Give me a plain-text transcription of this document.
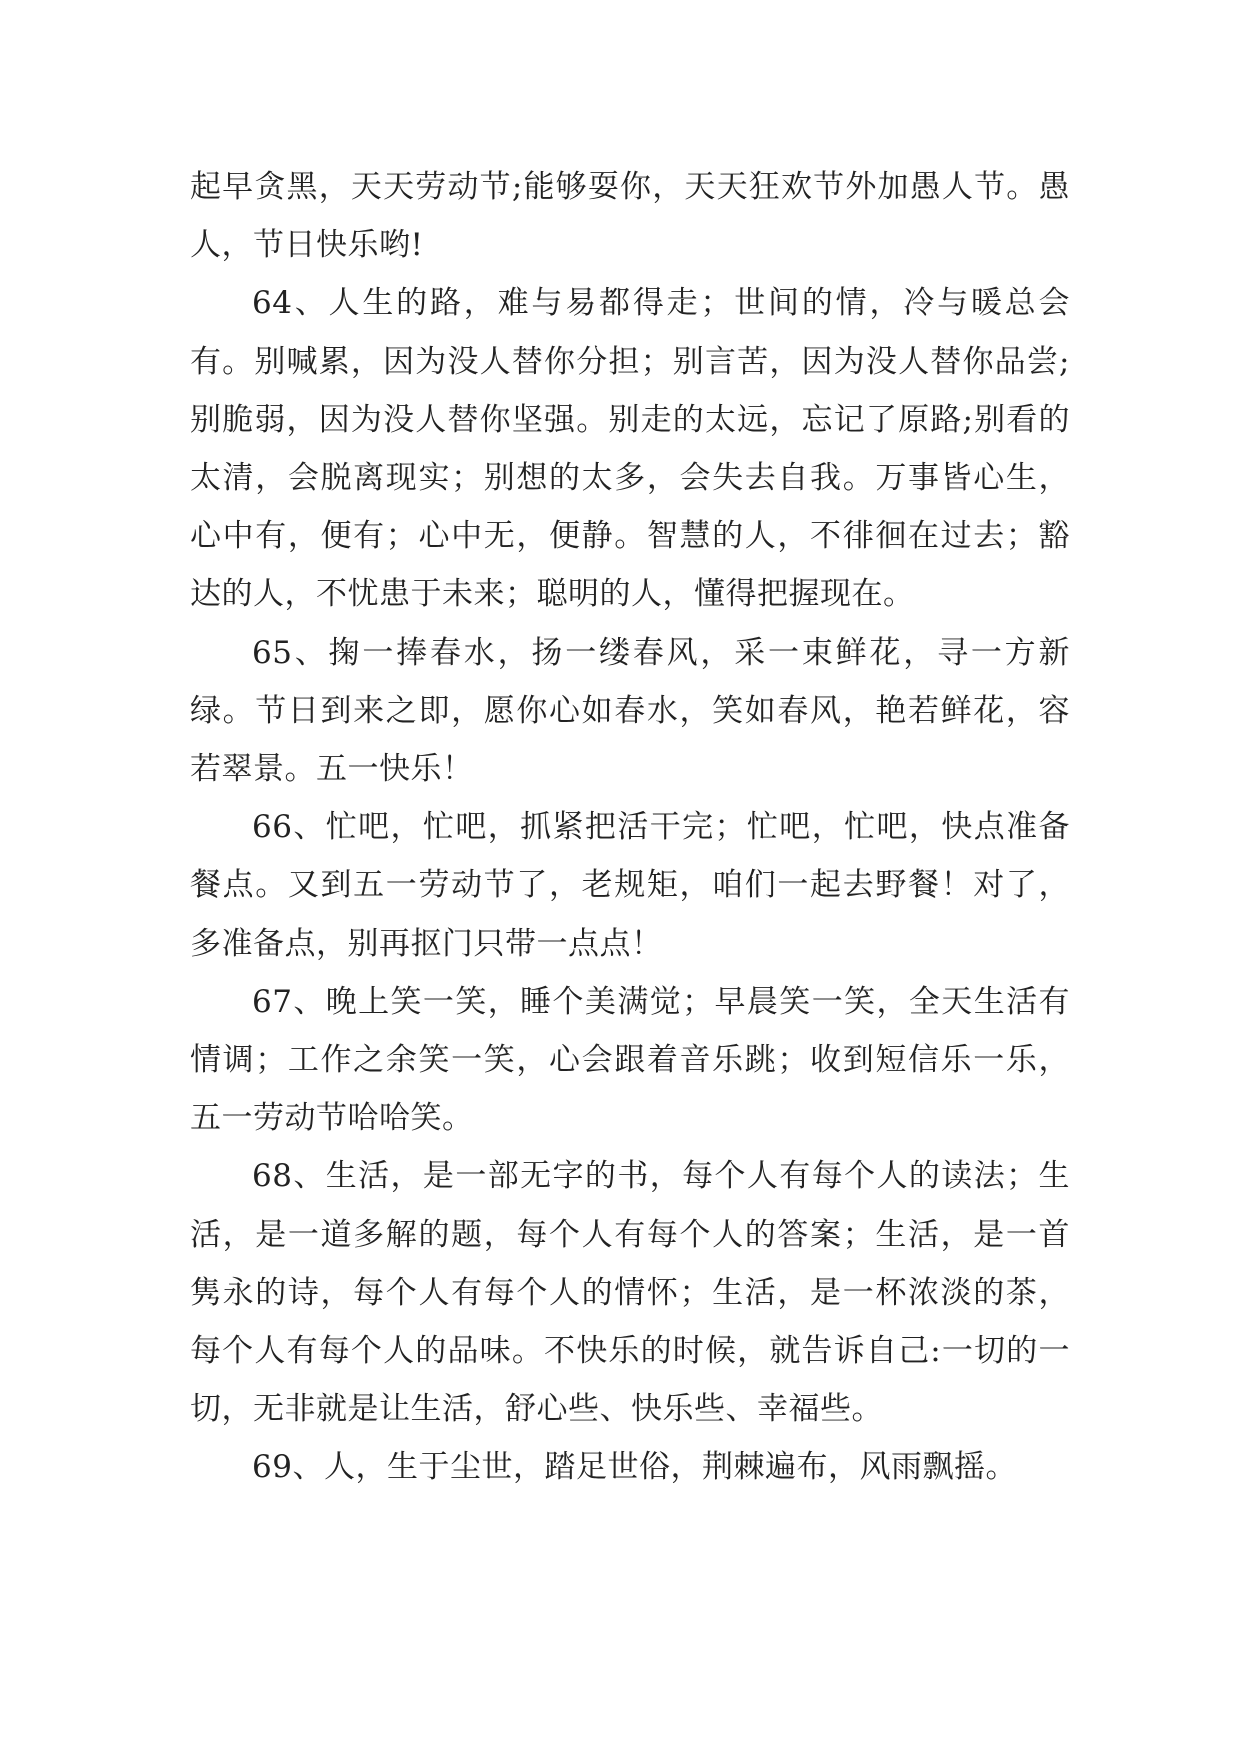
起早贪黑，天天劳动节;能够耍你，天天狂欢节外加愚人节。愚人，节日快乐哟!

64、人生的路，难与易都得走；世间的情，冷与暖总会有。别喊累，因为没人替你分担；别言苦，因为没人替你品尝;别脆弱，因为没人替你坚强。别走的太远，忘记了原路;别看的太清，会脱离现实；别想的太多，会失去自我。万事皆心生，心中有，便有；心中无，便静。智慧的人，不徘徊在过去；豁达的人，不忧患于未来；聪明的人，懂得把握现在。

65、掬一捧春水，扬一缕春风，采一束鲜花，寻一方新绿。节日到来之即，愿你心如春水，笑如春风，艳若鲜花，容若翠景。五一快乐！

66、忙吧，忙吧，抓紧把活干完；忙吧，忙吧，快点准备餐点。又到五一劳动节了，老规矩，咱们一起去野餐！对了，多准备点，别再抠门只带一点点！

67、晚上笑一笑，睡个美满觉；早晨笑一笑，全天生活有情调；工作之余笑一笑，心会跟着音乐跳；收到短信乐一乐，五一劳动节哈哈笑。

68、生活，是一部无字的书，每个人有每个人的读法；生活，是一道多解的题，每个人有每个人的答案；生活，是一首隽永的诗，每个人有每个人的情怀；生活，是一杯浓淡的茶，每个人有每个人的品味。不快乐的时候，就告诉自己:一切的一切，无非就是让生活，舒心些、快乐些、幸福些。

69、人，生于尘世，踏足世俗，荆棘遍布，风雨飘摇。
